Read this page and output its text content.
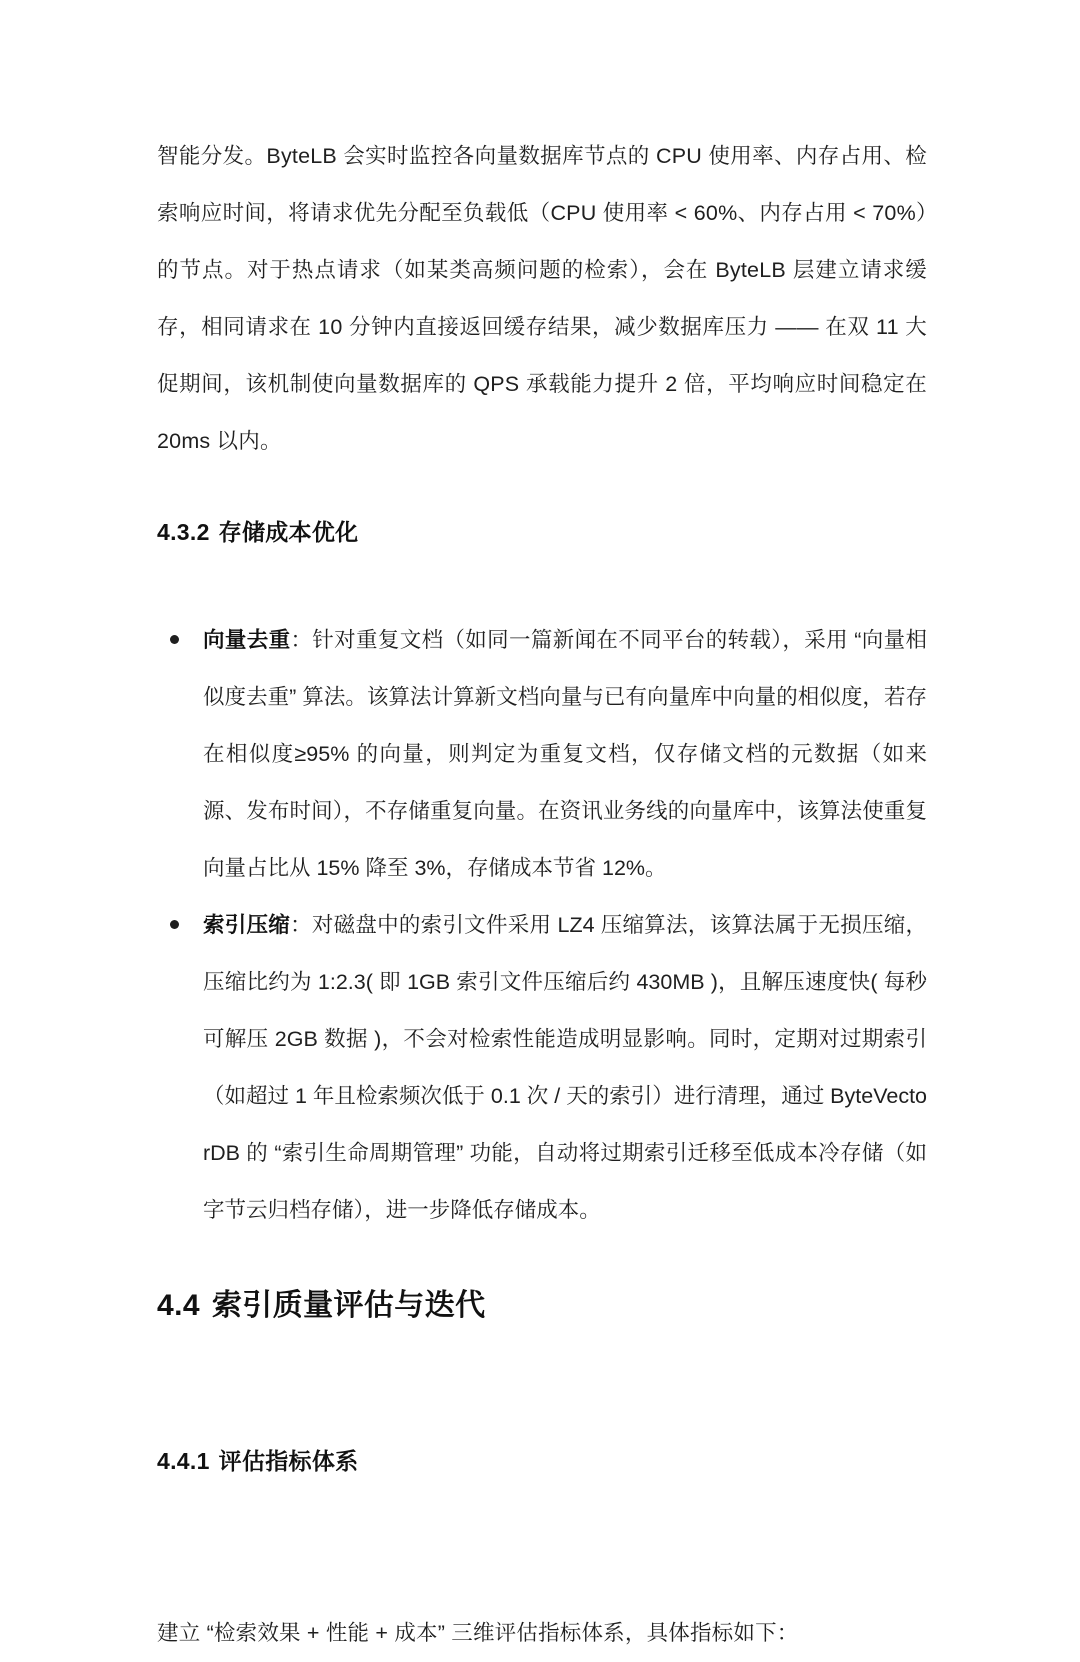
智能分发。ByteLB 会实时监控各向量数据库节点的 CPU 使用率、内存占用、检索响应时间，将请求优先分配至负载低（CPU 使用率 < 60%、内存占用 < 70%）的节点。对于热点请求（如某类高频问题的检索），会在 ByteLB 层建立请求缓存，相同请求在 10 分钟内直接返回缓存结果，减少数据库压力 —— 在双 11 大促期间，该机制使向量数据库的 QPS 承载能力提升 2 倍，平均响应时间稳定在 20ms 以内。

4.3.2 存储成本优化
向量去重：针对重复文档（如同一篇新闻在不同平台的转载），采用 “向量相似度去重” 算法。该算法计算新文档向量与已有向量库中向量的相似度，若存在相似度≥95% 的向量，则判定为重复文档，仅存储文档的元数据（如来源、发布时间），不存储重复向量。在资讯业务线的向量库中，该算法使重复向量占比从 15% 降至 3%，存储成本节省 12%。
索引压缩：对磁盘中的索引文件采用 LZ4 压缩算法，该算法属于无损压缩，压缩比约为 1:2.3( 即 1GB 索引文件压缩后约 430MB )，且解压速度快( 每秒可解压 2GB 数据 )，不会对检索性能造成明显影响。同时，定期对过期索引（如超过 1 年且检索频次低于 0.1 次 / 天的索引）进行清理，通过 ByteVectorDB 的 “索引生命周期管理” 功能，自动将过期索引迁移至低成本冷存储（如字节云归档存储），进一步降低存储成本。
4.4 索引质量评估与迭代
4.4.1 评估指标体系

建立 “检索效果 + 性能 + 成本” 三维评估指标体系，具体指标如下：
